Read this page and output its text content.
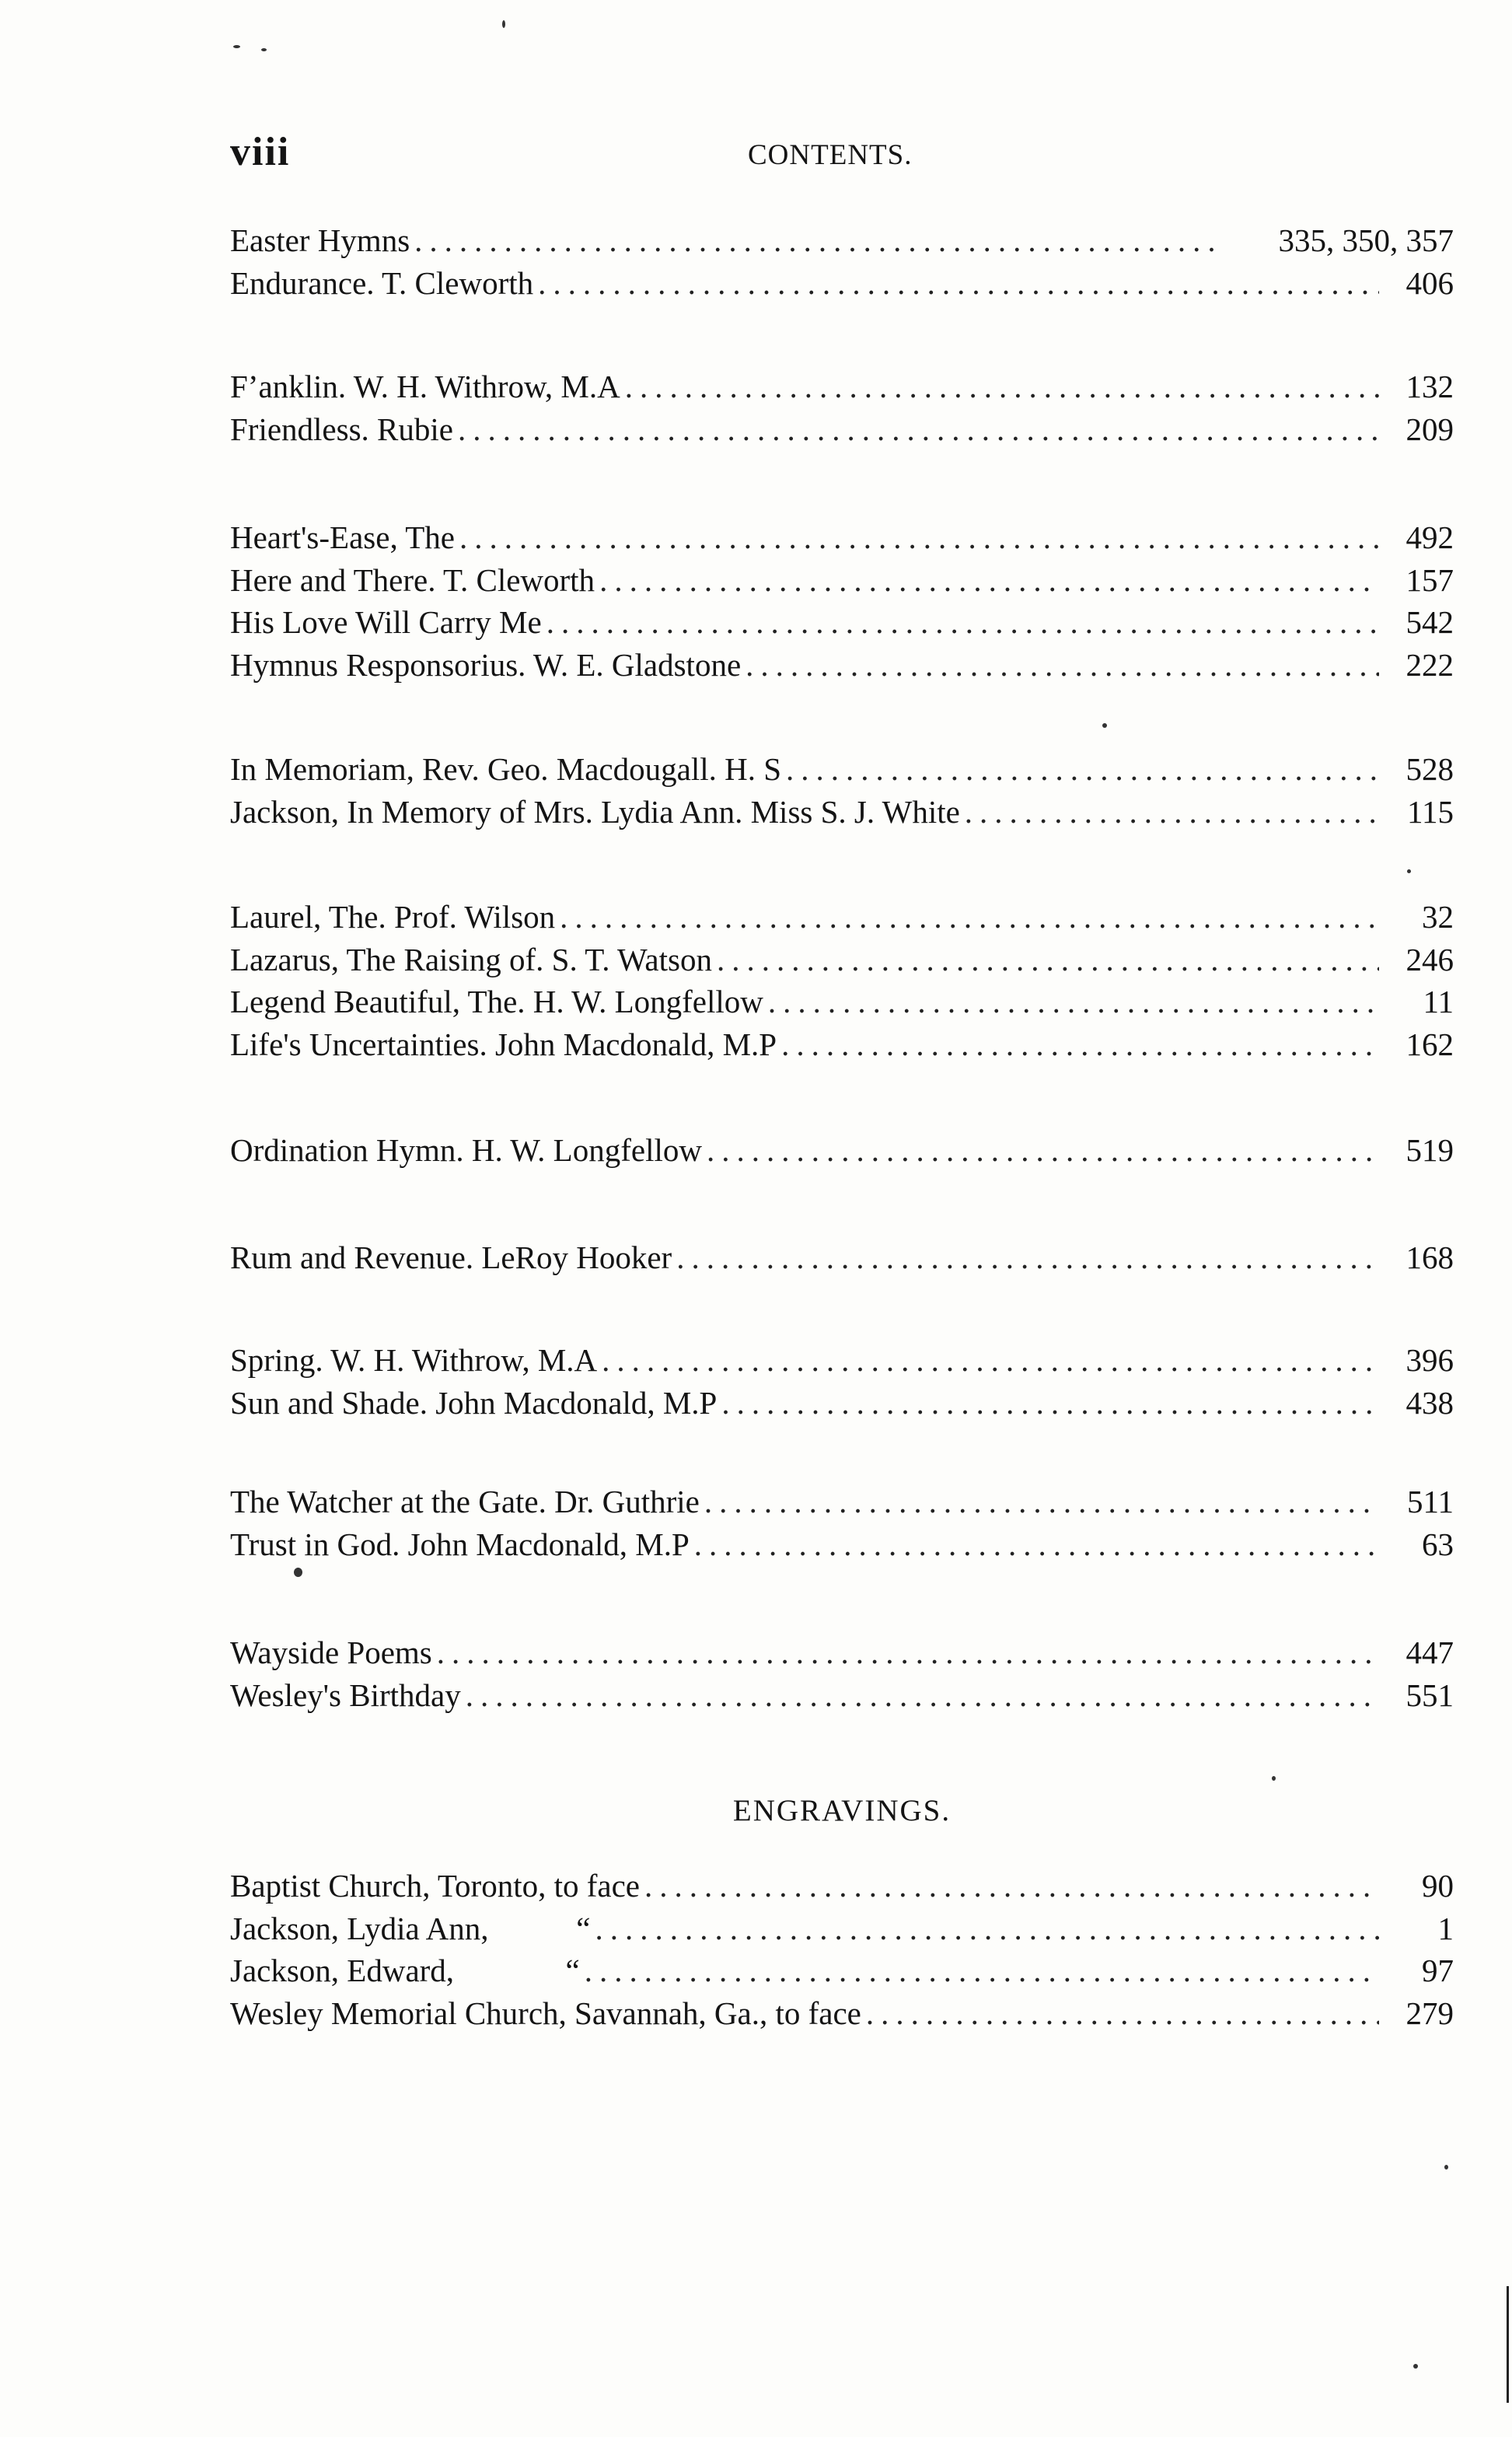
viii	CONTENTS.
Easter Hymns .....	335, 350, 357
Endurance. T. Cleworth .....	406
Fʼanklin. W. H. Withrow, M.A .....	132
Friendless. Rubie .....	209
Heart's-Ease, The .....	492
Here and There. T. Cleworth .....	157
His Love Will Carry Me .....	542
Hymnus Responsorius. W. E. Gladstone .....	222
In Memoriam, Rev. Geo. Macdougall. H. S .....	528
Jackson, In Memory of Mrs. Lydia Ann. Miss S. J. White .....	115
Laurel, The. Prof. Wilson .....	32
Lazarus, The Raising of. S. T. Watson .....	246
Legend Beautiful, The. H. W. Longfellow .....	11
Life's Uncertainties. John Macdonald, M.P .....	162
Ordination Hymn. H. W. Longfellow .....	519
Rum and Revenue. LeRoy Hooker .....	168
Spring. W. H. Withrow, M.A .....	396
Sun and Shade. John Macdonald, M.P .....	438
The Watcher at the Gate. Dr. Guthrie .....	511
Trust in God. John Macdonald, M.P .....	63
Wayside Poems .....	447
Wesley's Birthday .....	551
ENGRAVINGS.
Baptist Church, Toronto, to face .....	90
Jackson, Lydia Ann,           “ .....	1
Jackson, Edward,              “ .....	97
Wesley Memorial Church, Savannah, Ga., to face .....	279
